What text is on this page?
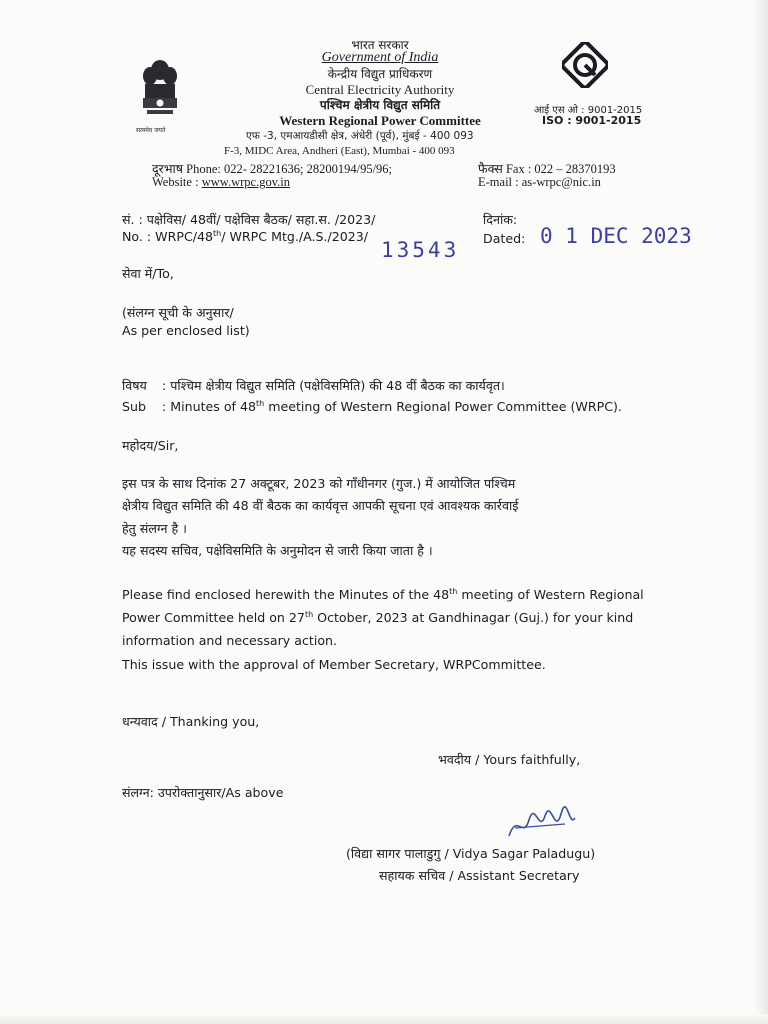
सत्यमेव जयते
भारत सरकार
Government of India
केन्द्रीय विद्युत प्राधिकरण
Central Electricity Authority
पश्चिम क्षेत्रीय विद्युत समिति
Western Regional Power Committee
एफ -3, एमआयडीसी क्षेत्र, अंधेरी (पूर्व), मुंबई - 400 093
F-3, MIDC Area, Andheri (East), Mumbai - 400 093
आई एस ओ : 9001-2015
ISO : 9001-2015
दूरभाष Phone: 022- 28221636; 28200194/95/96;	फैक्स Fax : 022 – 28370193
Website : www.wrpc.gov.in	E-mail : as-wrpc@nic.in
सं. : पक्षेविस/ 48वीं/ पक्षेविस बैठक/ सहा.स. /2023/
No. : WRPC/48th/ WRPC Mtg./A.S./2023/
दिनांक:
Dated:
13543
0 1 DEC 2023
सेवा में/To,
(संलग्न सूची के अनुसार/
As per enclosed list)
विषय : पश्चिम क्षेत्रीय विद्युत समिति (पक्षेविसमिति) की 48 वीं बैठक का कार्यवृत।
Sub : Minutes of 48th meeting of Western Regional Power Committee (WRPC).
महोदय/Sir,
इस पत्र के साथ दिनांक 27 अक्टूबर, 2023 को गाँधीनगर (गुज.) में आयोजित पश्चिम
क्षेत्रीय विद्युत समिति की 48 वीं बैठक का कार्यवृत्त आपकी सूचना एवं आवश्यक कार्रवाई
हेतु संलग्न है ।
यह सदस्य सचिव, पक्षेविसमिति के अनुमोदन से जारी किया जाता है ।
Please find enclosed herewith the Minutes of the 48th meeting of Western Regional
Power Committee held on 27th October, 2023 at Gandhinagar (Guj.) for your kind
information and necessary action.
This issue with the approval of Member Secretary, WRPCommittee.
धन्यवाद / Thanking you,
भवदीय / Yours faithfully,
संलग्न: उपरोक्तानुसार/As above
(विद्या सागर पालाडुगु / Vidya Sagar Paladugu)
सहायक सचिव / Assistant Secretary
